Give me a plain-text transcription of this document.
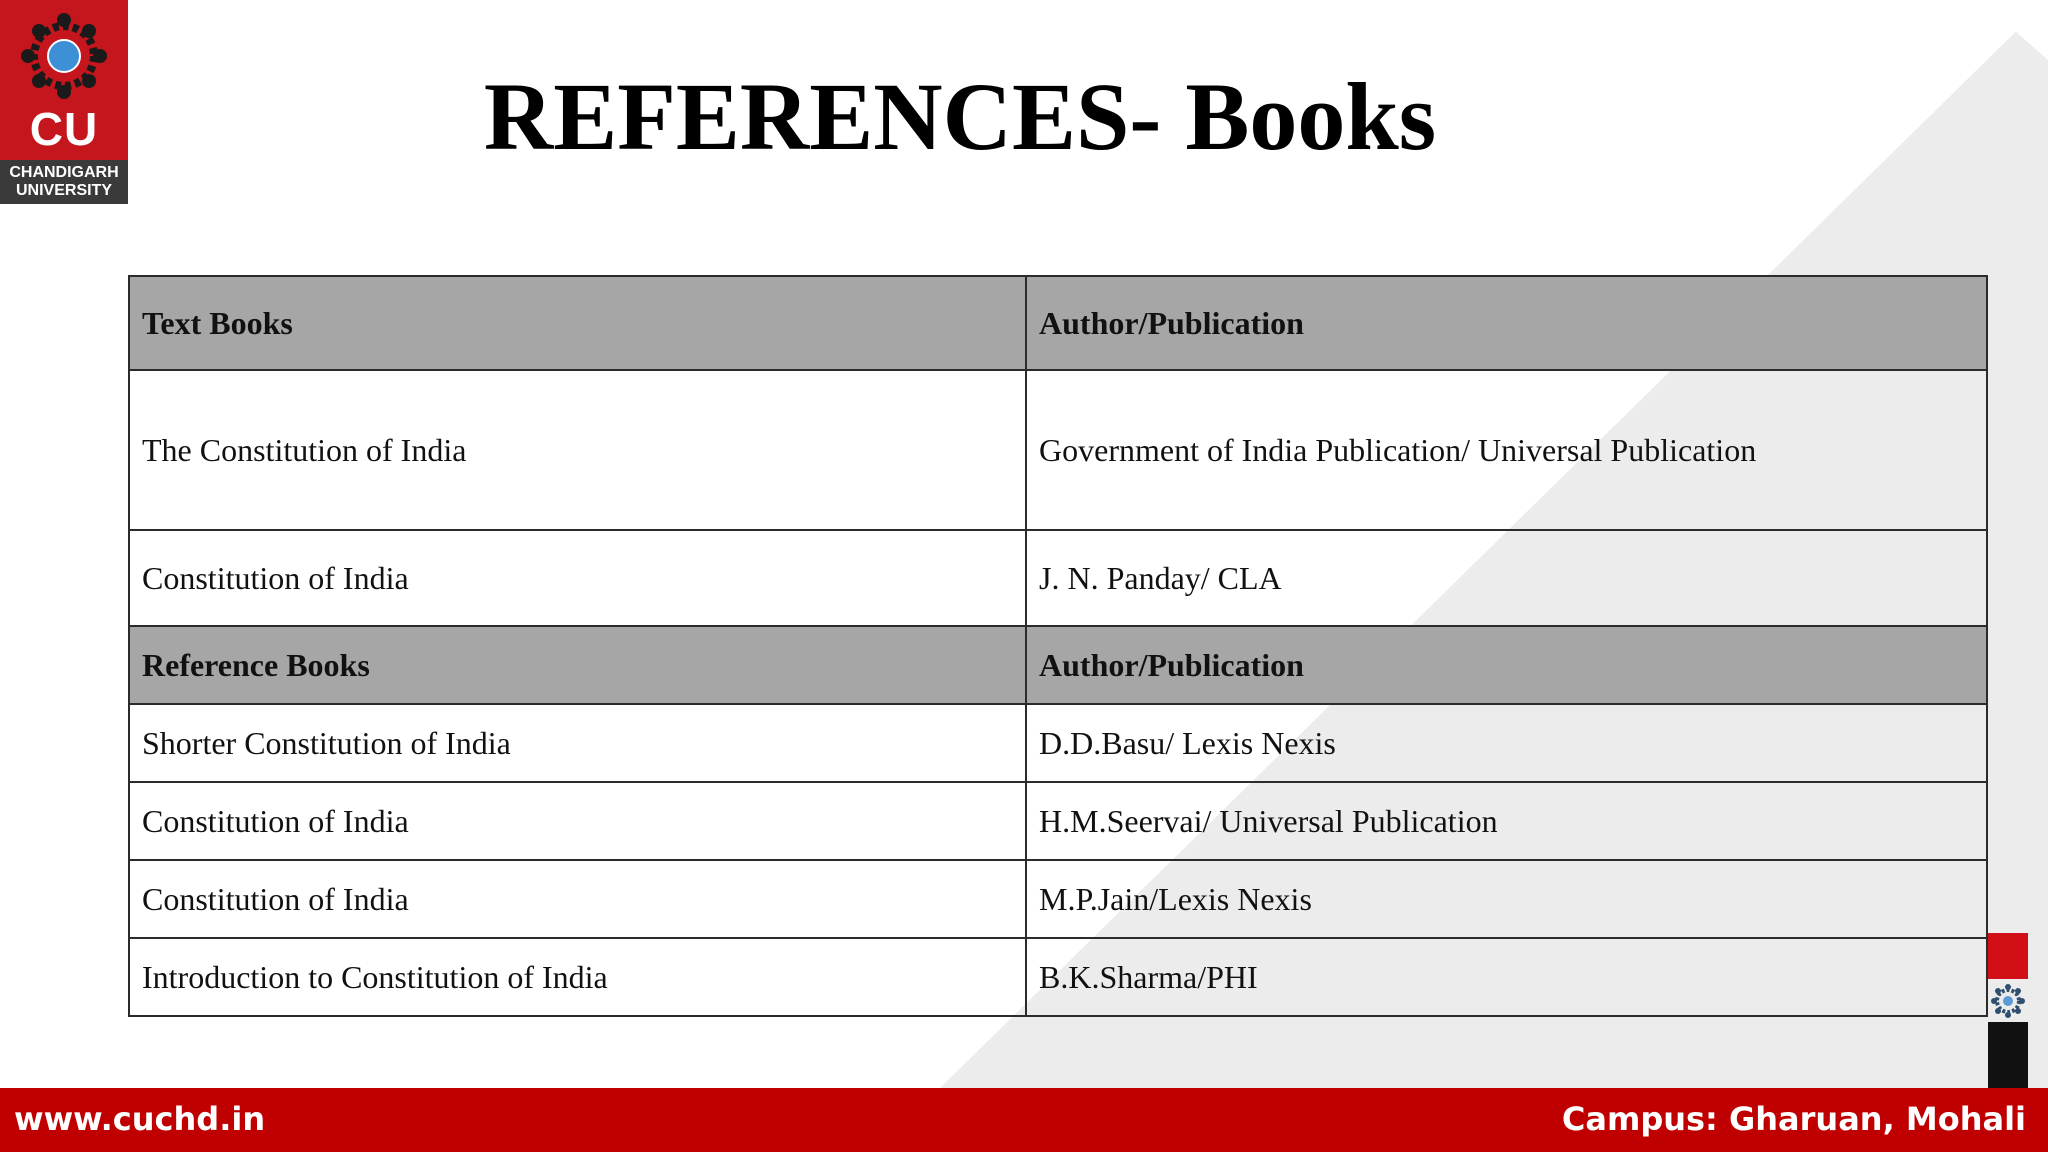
CU
CHANDIGARH
UNIVERSITY
REFERENCES- Books
Text Books	Author/Publication
The Constitution of India	Government of India Publication/ Universal Publication
Constitution of India	J. N. Panday/ CLA
Reference Books	Author/Publication
Shorter Constitution of India	D.D.Basu/ Lexis Nexis
Constitution of India	H.M.Seervai/ Universal Publication
Constitution of India	M.P.Jain/Lexis Nexis
Introduction to Constitution of India	B.K.Sharma/PHI
www.cuchd.in	Campus: Gharuan, Mohali
